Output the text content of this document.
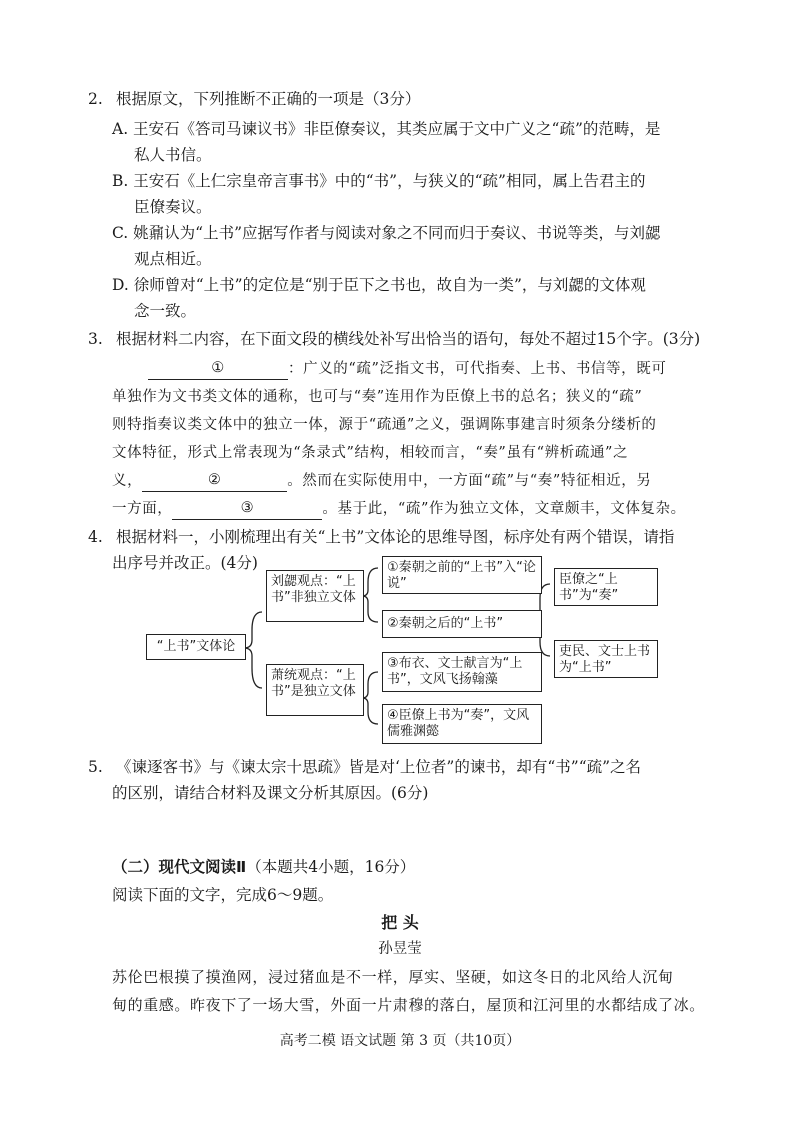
2. 根据原文，下列推断不正确的一项是（3分）
A. 王安石《答司马谏议书》非臣僚奏议，其类应属于文中广义之“疏”的范畴，是
私人书信。
B. 王安石《上仁宗皇帝言事书》中的“书”，与狭义的“疏”相同，属上告君主的
臣僚奏议。
C. 姚鼐认为“上书”应据写作者与阅读对象之不同而归于奏议、书说等类，与刘勰
观点相近。
D. 徐师曾对“上书”的定位是“别于臣下之书也，故自为一类”，与刘勰的文体观
念一致。
3. 根据材料二内容，在下面文段的横线处补写出恰当的语句，每处不超过15个字。(3分)
①	：广义的“疏”泛指文书，可代指奏、上书、书信等，既可
单独作为文书类文体的通称，也可与“奏”连用作为臣僚上书的总名；狭义的“疏”
则特指奏议类文体中的独立一体，源于“疏通”之义，强调陈事建言时须条分缕析的
文体特征，形式上常表现为“条录式”结构，相较而言，“奏”虽有“辨析疏通”之
义，	②	。然而在实际使用中，一方面“疏”与“奏”特征相近，另
一方面，	③	。基于此，“疏”作为独立文体，文章颇丰，文体复杂。
4. 根据材料一，小刚梳理出有关“上书”文体论的思维导图，标序处有两个错误，请指
出序号并改正。(4分)
“上书”文体论
刘勰观点：“上书”非独立文体
萧统观点：“上书”是独立文体
①秦朝之前的“上书”入“论说”
②秦朝之后的“上书”
③布衣、文士献言为“上书”，文风飞扬翰藻
④臣僚上书为“奏”，文风儒雅渊懿
臣僚之“上书”为“奏”
吏民、文士上书为“上书”
5. 《谏逐客书》与《谏太宗十思疏》皆是对‘上位者”的谏书，却有“书”“疏”之名
的区别，请结合材料及课文分析其原因。(6分)
（二）现代文阅读Ⅱ（本题共4小题，16分）
阅读下面的文字，完成6～9题。
把 头
孙昱莹
苏伦巴根摸了摸渔网，浸过猪血是不一样，厚实、坚硬，如这冬日的北风给人沉甸
甸的重感。昨夜下了一场大雪，外面一片肃穆的落白，屋顶和江河里的水都结成了冰。
高考二模 语文试题 第 3 页（共10页）
